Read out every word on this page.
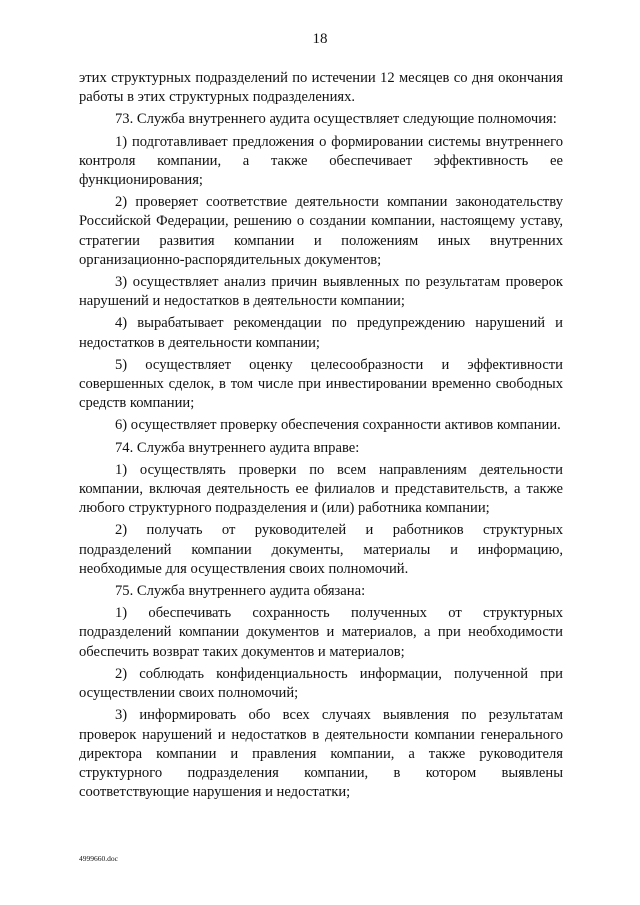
18

этих структурных подразделений по истечении 12 месяцев со дня окончания работы в этих структурных подразделениях.

73. Служба внутреннего аудита осуществляет следующие полномочия:

1) подготавливает предложения о формировании системы внутреннего контроля компании, а также обеспечивает эффективность ее функционирования;

2) проверяет соответствие деятельности компании законодательству Российской Федерации, решению о создании компании, настоящему уставу, стратегии развития компании и положениям иных внутренних организационно-распорядительных документов;

3) осуществляет анализ причин выявленных по результатам проверок нарушений и недостатков в деятельности компании;

4) вырабатывает рекомендации по предупреждению нарушений и недостатков в деятельности компании;

5) осуществляет оценку целесообразности и эффективности совершенных сделок, в том числе при инвестировании временно свободных средств компании;

6) осуществляет проверку обеспечения сохранности активов компании.

74. Служба внутреннего аудита вправе:

1) осуществлять проверки по всем направлениям деятельности компании, включая деятельность ее филиалов и представительств, а также любого структурного подразделения и (или) работника компании;

2) получать от руководителей и работников структурных подразделений компании документы, материалы и информацию, необходимые для осуществления своих полномочий.

75. Служба внутреннего аудита обязана:

1) обеспечивать сохранность полученных от структурных подразделений компании документов и материалов, а при необходимости обеспечить возврат таких документов и материалов;

2) соблюдать конфиденциальность информации, полученной при осуществлении своих полномочий;

3) информировать обо всех случаях выявления по результатам проверок нарушений и недостатков в деятельности компании генерального директора компании и правления компании, а также руководителя структурного подразделения компании, в котором выявлены соответствующие нарушения и недостатки;

4999660.doc
